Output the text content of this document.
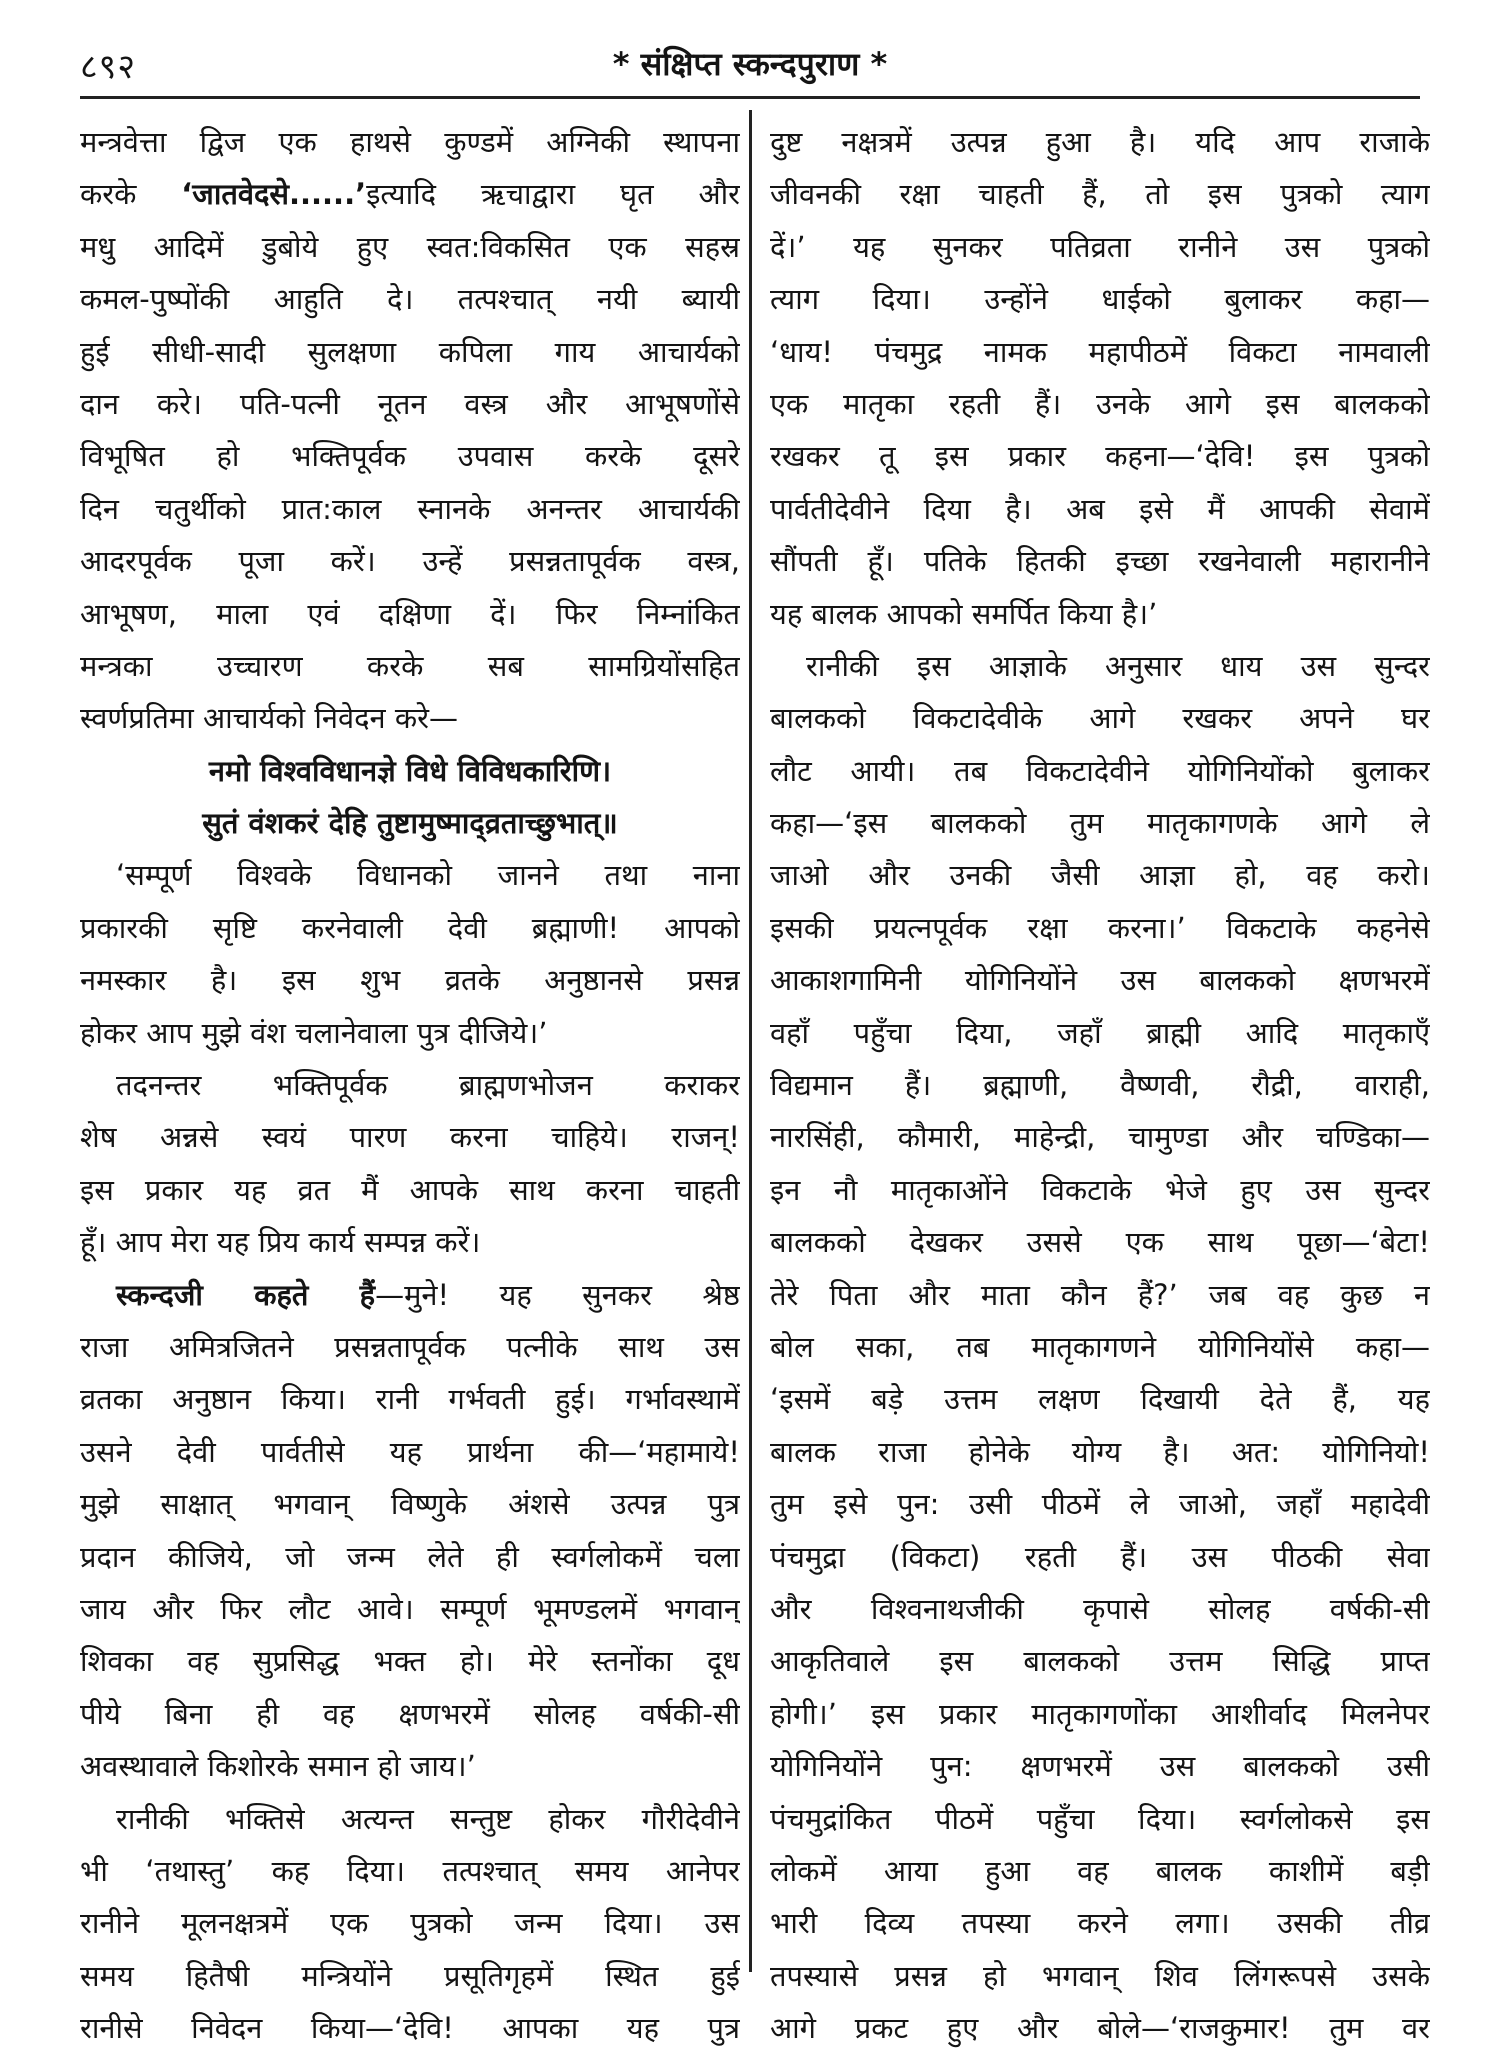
८९२	* संक्षिप्त स्कन्दपुराण *
मन्त्रवेत्ता द्विज एक हाथसे कुण्डमें अग्निकी स्थापना
करके ‘जातवेदसे......’इत्यादि ऋचाद्वारा घृत और
मधु आदिमें डुबोये हुए स्वत:विकसित एक सहस्र
कमल-पुष्पोंकी आहुति दे। तत्पश्चात् नयी ब्यायी
हुई सीधी-सादी सुलक्षणा कपिला गाय आचार्यको
दान करे। पति-पत्नी नूतन वस्त्र और आभूषणोंसे
विभूषित हो भक्तिपूर्वक उपवास करके दूसरे
दिन चतुर्थीको प्रात:काल स्नानके अनन्तर आचार्यकी
आदरपूर्वक पूजा करें। उन्हें प्रसन्नतापूर्वक वस्त्र,
आभूषण, माला एवं दक्षिणा दें। फिर निम्नांकित
मन्त्रका उच्चारण करके सब सामग्रियोंसहित
स्वर्णप्रतिमा आचार्यको निवेदन करे—
नमो विश्वविधानज्ञे विधे विविधकारिणि।
सुतं वंशकरं देहि तुष्टामुष्माद्व्रताच्छुभात्॥
‘सम्पूर्ण विश्वके विधानको जानने तथा नाना
प्रकारकी सृष्टि करनेवाली देवी ब्रह्माणी! आपको
नमस्कार है। इस शुभ व्रतके अनुष्ठानसे प्रसन्न
होकर आप मुझे वंश चलानेवाला पुत्र दीजिये।’
तदनन्तर भक्तिपूर्वक ब्राह्मणभोजन कराकर
शेष अन्नसे स्वयं पारण करना चाहिये। राजन्!
इस प्रकार यह व्रत मैं आपके साथ करना चाहती
हूँ। आप मेरा यह प्रिय कार्य सम्पन्न करें।
स्कन्दजी कहते हैं—मुने! यह सुनकर श्रेष्ठ
राजा अमित्रजितने प्रसन्नतापूर्वक पत्नीके साथ उस
व्रतका अनुष्ठान किया। रानी गर्भवती हुई। गर्भावस्थामें
उसने देवी पार्वतीसे यह प्रार्थना की—‘महामाये!
मुझे साक्षात् भगवान् विष्णुके अंशसे उत्पन्न पुत्र
प्रदान कीजिये, जो जन्म लेते ही स्वर्गलोकमें चला
जाय और फिर लौट आवे। सम्पूर्ण भूमण्डलमें भगवान्
शिवका वह सुप्रसिद्ध भक्त हो। मेरे स्तनोंका दूध
पीये बिना ही वह क्षणभरमें सोलह वर्षकी-सी
अवस्थावाले किशोरके समान हो जाय।’
रानीकी भक्तिसे अत्यन्त सन्तुष्ट होकर गौरीदेवीने
भी ‘तथास्तु’ कह दिया। तत्पश्चात् समय आनेपर
रानीने मूलनक्षत्रमें एक पुत्रको जन्म दिया। उस
समय हितैषी मन्त्रियोंने प्रसूतिगृहमें स्थित हुई
रानीसे निवेदन किया—‘देवि! आपका यह पुत्र
दुष्ट नक्षत्रमें उत्पन्न हुआ है। यदि आप राजाके
जीवनकी रक्षा चाहती हैं, तो इस पुत्रको त्याग
दें।’ यह सुनकर पतिव्रता रानीने उस पुत्रको
त्याग दिया। उन्होंने धाईको बुलाकर कहा—
‘धाय! पंचमुद्र नामक महापीठमें विकटा नामवाली
एक मातृका रहती हैं। उनके आगे इस बालकको
रखकर तू इस प्रकार कहना—‘देवि! इस पुत्रको
पार्वतीदेवीने दिया है। अब इसे मैं आपकी सेवामें
सौंपती हूँ। पतिके हितकी इच्छा रखनेवाली महारानीने
यह बालक आपको समर्पित किया है।’
रानीकी इस आज्ञाके अनुसार धाय उस सुन्दर
बालकको विकटादेवीके आगे रखकर अपने घर
लौट आयी। तब विकटादेवीने योगिनियोंको बुलाकर
कहा—‘इस बालकको तुम मातृकागणके आगे ले
जाओ और उनकी जैसी आज्ञा हो, वह करो।
इसकी प्रयत्नपूर्वक रक्षा करना।’ विकटाके कहनेसे
आकाशगामिनी योगिनियोंने उस बालकको क्षणभरमें
वहाँ पहुँचा दिया, जहाँ ब्राह्मी आदि मातृकाएँ
विद्यमान हैं। ब्रह्माणी, वैष्णवी, रौद्री, वाराही,
नारसिंही, कौमारी, माहेन्द्री, चामुण्डा और चण्डिका—
इन नौ मातृकाओंने विकटाके भेजे हुए उस सुन्दर
बालकको देखकर उससे एक साथ पूछा—‘बेटा!
तेरे पिता और माता कौन हैं?’ जब वह कुछ न
बोल सका, तब मातृकागणने योगिनियोंसे कहा—
‘इसमें बड़े उत्तम लक्षण दिखायी देते हैं, यह
बालक राजा होनेके योग्य है। अत: योगिनियो!
तुम इसे पुन: उसी पीठमें ले जाओ, जहाँ महादेवी
पंचमुद्रा (विकटा) रहती हैं। उस पीठकी सेवा
और विश्वनाथजीकी कृपासे सोलह वर्षकी-सी
आकृतिवाले इस बालकको उत्तम सिद्धि प्राप्त
होगी।’ इस प्रकार मातृकागणोंका आशीर्वाद मिलनेपर
योगिनियोंने पुन: क्षणभरमें उस बालकको उसी
पंचमुद्रांकित पीठमें पहुँचा दिया। स्वर्गलोकसे इस
लोकमें आया हुआ वह बालक काशीमें बड़ी
भारी दिव्य तपस्या करने लगा। उसकी तीव्र
तपस्यासे प्रसन्न हो भगवान् शिव लिंगरूपसे उसके
आगे प्रकट हुए और बोले—‘राजकुमार! तुम वर
